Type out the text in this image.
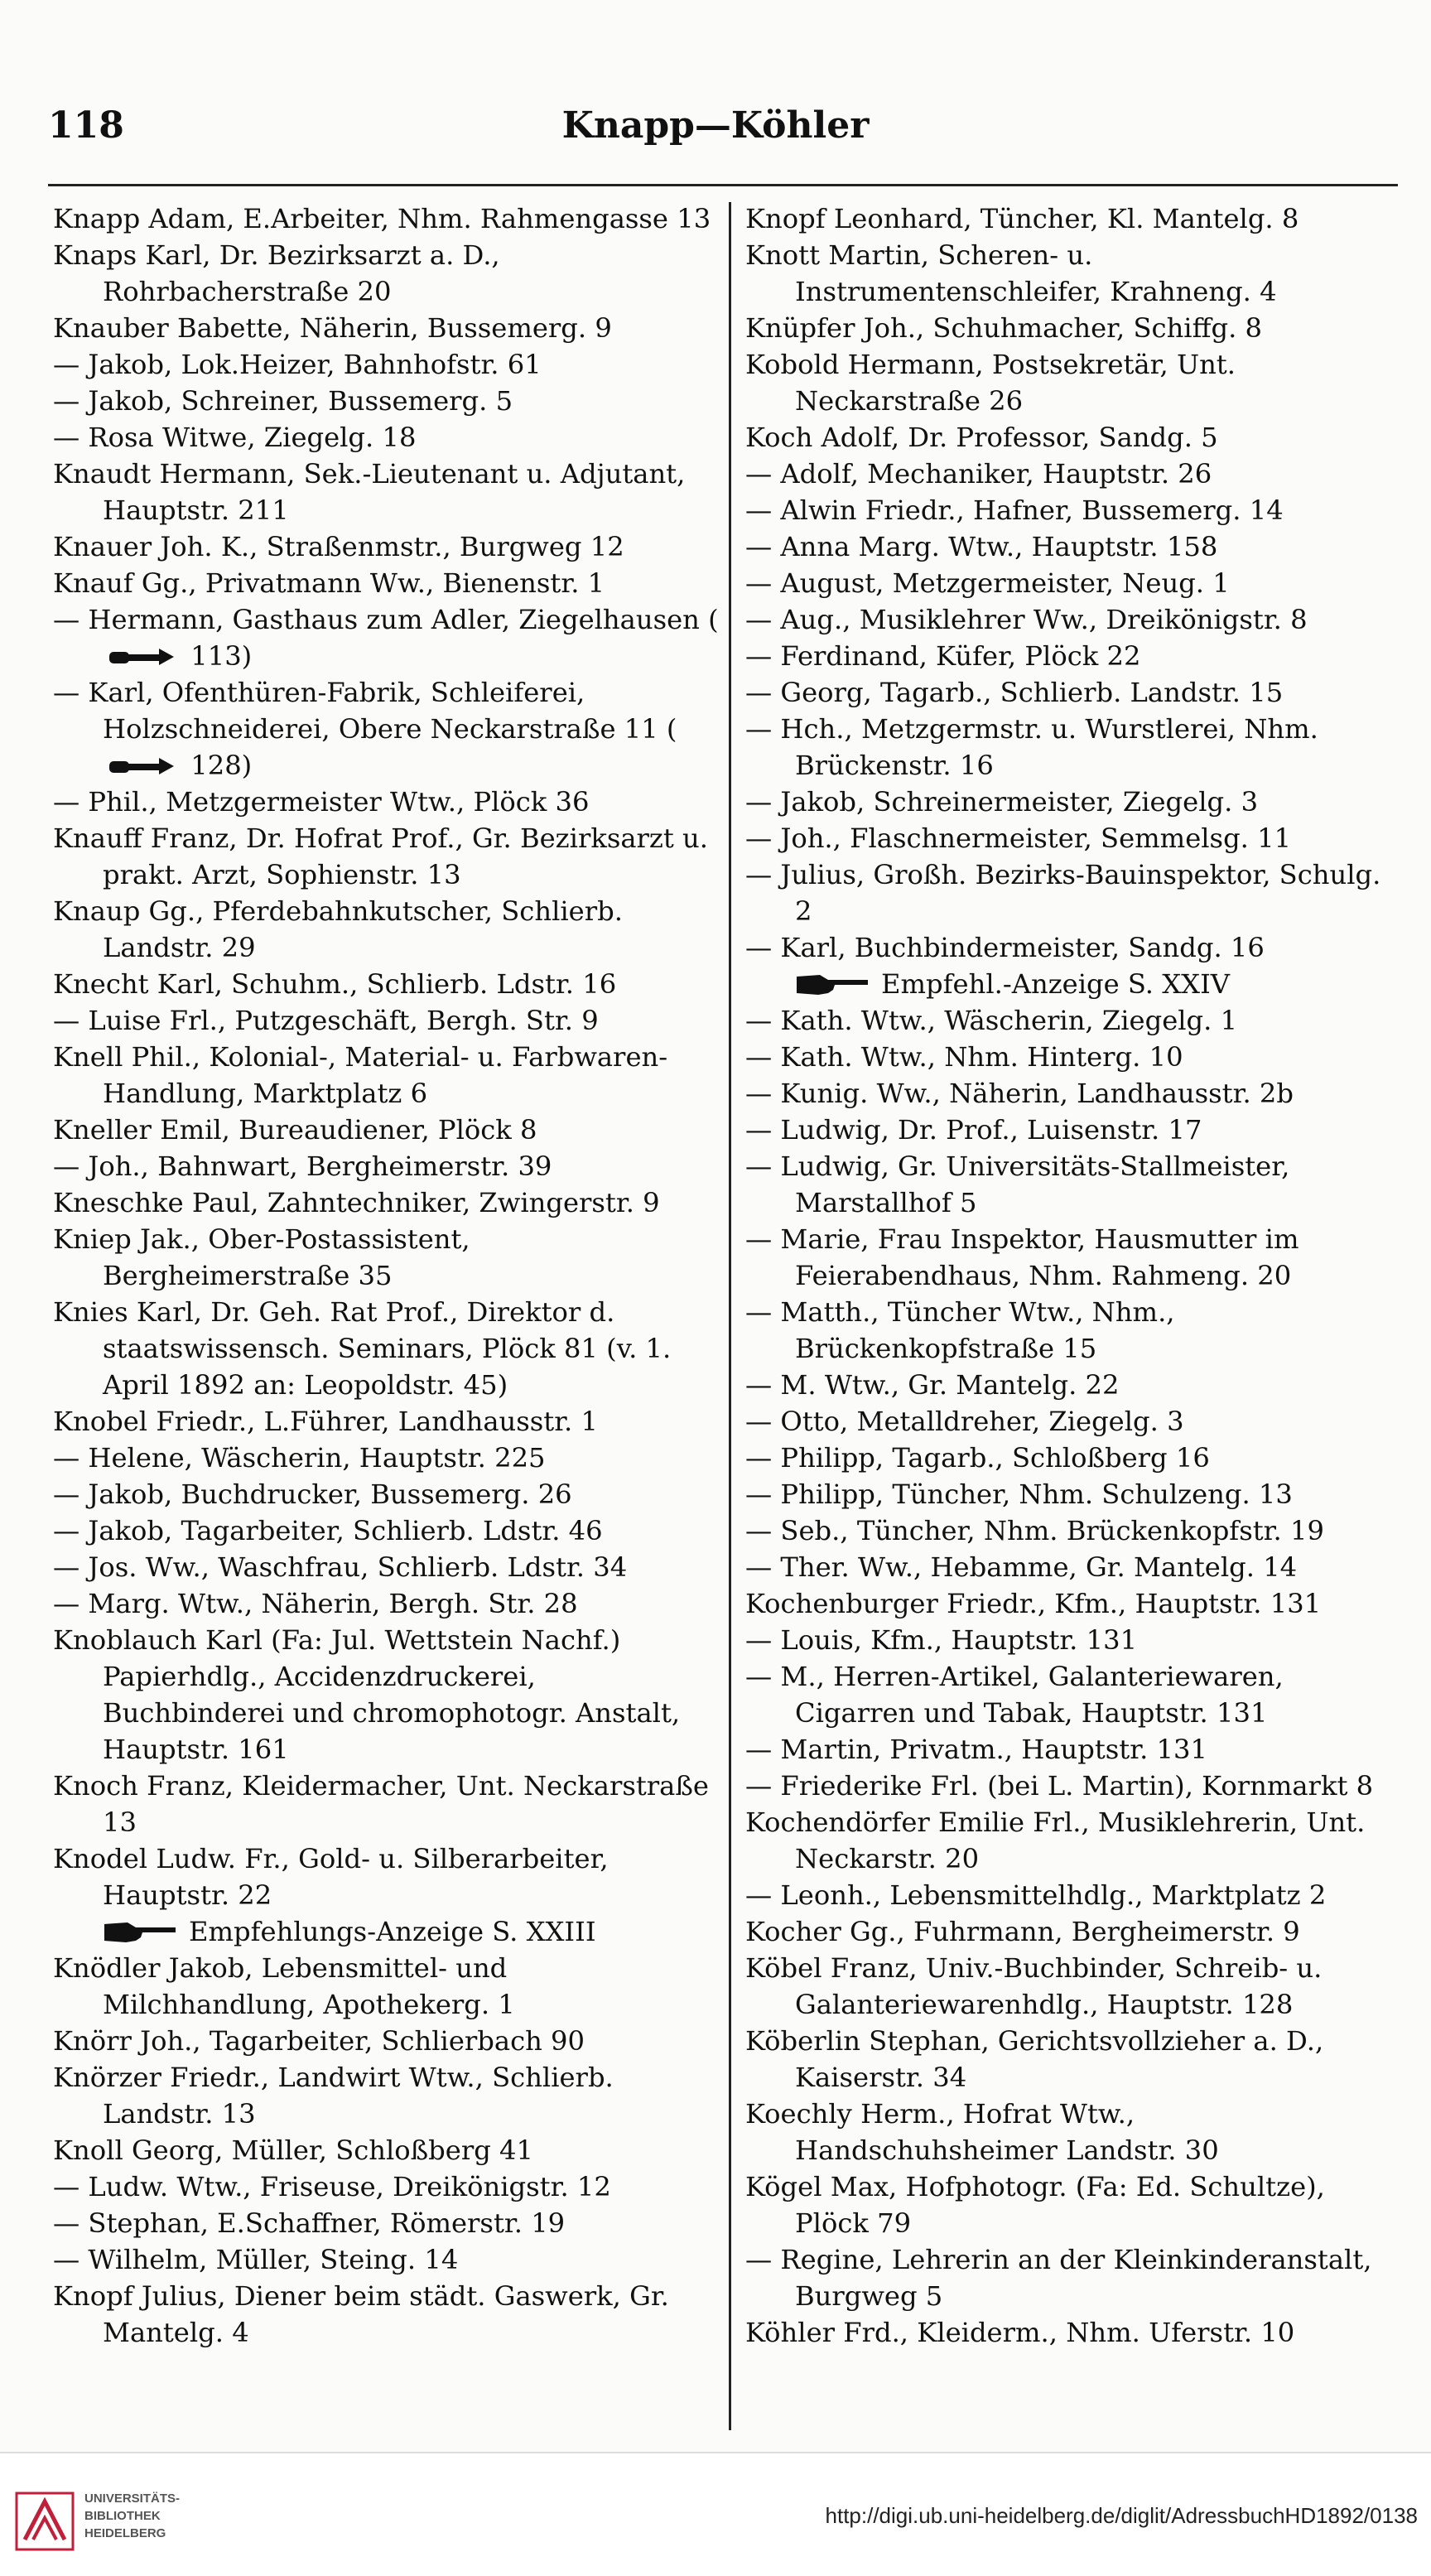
118	Knapp—Köhler

Knapp Adam, E.Arbeiter, Nhm. Rahmengasse 13

Knaps Karl, Dr. Bezirksarzt a. D., Rohrbacherstraße 20

Knauber Babette, Näherin, Bussemerg. 9

— Jakob, Lok.Heizer, Bahnhofstr. 61

— Jakob, Schreiner, Bussemerg. 5

— Rosa Witwe, Ziegelg. 18

Knaudt Hermann, Sek.-Lieutenant u. Adjutant, Hauptstr. 211

Knauer Joh. K., Straßenmstr., Burgweg 12

Knauf Gg., Privatmann Ww., Bienenstr. 1

— Hermann, Gasthaus zum Adler, Ziegelhausen (
113)

— Karl, Ofenthüren-Fabrik, Schleiferei, Holzschneiderei, Obere Neckarstraße 11 (
128)

— Phil., Metzgermeister Wtw., Plöck 36

Knauff Franz, Dr. Hofrat Prof., Gr. Bezirksarzt u. prakt. Arzt, Sophienstr. 13

Knaup Gg., Pferdebahnkutscher, Schlierb. Landstr. 29

Knecht Karl, Schuhm., Schlierb. Ldstr. 16

— Luise Frl., Putzgeschäft, Bergh. Str. 9

Knell Phil., Kolonial-, Material- u. Farbwaren-Handlung, Marktplatz 6

Kneller Emil, Bureaudiener, Plöck 8

— Joh., Bahnwart, Bergheimerstr. 39

Kneschke Paul, Zahntechniker, Zwingerstr. 9

Kniep Jak., Ober-Postassistent, Bergheimerstraße 35

Knies Karl, Dr. Geh. Rat Prof., Direktor d. staatswissensch. Seminars, Plöck 81 (v. 1. April 1892 an: Leopoldstr. 45)

Knobel Friedr., L.Führer, Landhausstr. 1

— Helene, Wäscherin, Hauptstr. 225

— Jakob, Buchdrucker, Bussemerg. 26

— Jakob, Tagarbeiter, Schlierb. Ldstr. 46

— Jos. Ww., Waschfrau, Schlierb. Ldstr. 34

— Marg. Wtw., Näherin, Bergh. Str. 28

Knoblauch Karl (Fa: Jul. Wettstein Nachf.) Papierhdlg., Accidenzdruckerei, Buchbinderei und chromophotogr. Anstalt, Hauptstr. 161

Knoch Franz, Kleidermacher, Unt. Neckarstraße 13

Knodel Ludw. Fr., Gold- u. Silberarbeiter, Hauptstr. 22

Empfehlungs-Anzeige S. XXIII

Knödler Jakob, Lebensmittel- und Milchhandlung, Apothekerg. 1

Knörr Joh., Tagarbeiter, Schlierbach 90

Knörzer Friedr., Landwirt Wtw., Schlierb. Landstr. 13

Knoll Georg, Müller, Schloßberg 41

— Ludw. Wtw., Friseuse, Dreikönigstr. 12

— Stephan, E.Schaffner, Römerstr. 19

— Wilhelm, Müller, Steing. 14

Knopf Julius, Diener beim städt. Gaswerk, Gr. Mantelg. 4

Knopf Leonhard, Tüncher, Kl. Mantelg. 8

Knott Martin, Scheren- u. Instrumentenschleifer, Krahneng. 4

Knüpfer Joh., Schuhmacher, Schiffg. 8

Kobold Hermann, Postsekretär, Unt. Neckarstraße 26

Koch Adolf, Dr. Professor, Sandg. 5

— Adolf, Mechaniker, Hauptstr. 26

— Alwin Friedr., Hafner, Bussemerg. 14

— Anna Marg. Wtw., Hauptstr. 158

— August, Metzgermeister, Neug. 1

— Aug., Musiklehrer Ww., Dreikönigstr. 8

— Ferdinand, Küfer, Plöck 22

— Georg, Tagarb., Schlierb. Landstr. 15

— Hch., Metzgermstr. u. Wurstlerei, Nhm. Brückenstr. 16

— Jakob, Schreinermeister, Ziegelg. 3

— Joh., Flaschnermeister, Semmelsg. 11

— Julius, Großh. Bezirks-Bauinspektor, Schulg. 2

— Karl, Buchbindermeister, Sandg. 16

Empfehl.-Anzeige S. XXIV

— Kath. Wtw., Wäscherin, Ziegelg. 1

— Kath. Wtw., Nhm. Hinterg. 10

— Kunig. Ww., Näherin, Landhausstr. 2b

— Ludwig, Dr. Prof., Luisenstr. 17

— Ludwig, Gr. Universitäts-Stallmeister, Marstallhof 5

— Marie, Frau Inspektor, Hausmutter im Feierabendhaus, Nhm. Rahmeng. 20

— Matth., Tüncher Wtw., Nhm., Brückenkopfstraße 15

— M. Wtw., Gr. Mantelg. 22

— Otto, Metalldreher, Ziegelg. 3

— Philipp, Tagarb., Schloßberg 16

— Philipp, Tüncher, Nhm. Schulzeng. 13

— Seb., Tüncher, Nhm. Brückenkopfstr. 19

— Ther. Ww., Hebamme, Gr. Mantelg. 14

Kochenburger Friedr., Kfm., Hauptstr. 131

— Louis, Kfm., Hauptstr. 131

— M., Herren-Artikel, Galanteriewaren, Cigarren und Tabak, Hauptstr. 131

— Martin, Privatm., Hauptstr. 131

— Friederike Frl. (bei L. Martin), Kornmarkt 8

Kochendörfer Emilie Frl., Musiklehrerin, Unt. Neckarstr. 20

— Leonh., Lebensmittelhdlg., Marktplatz 2

Kocher Gg., Fuhrmann, Bergheimerstr. 9

Köbel Franz, Univ.-Buchbinder, Schreib- u. Galanteriewarenhdlg., Hauptstr. 128

Köberlin Stephan, Gerichtsvollzieher a. D., Kaiserstr. 34

Koechly Herm., Hofrat Wtw., Handschuhsheimer Landstr. 30

Kögel Max, Hofphotogr. (Fa: Ed. Schultze), Plöck 79

— Regine, Lehrerin an der Kleinkinderanstalt, Burgweg 5

Köhler Frd., Kleiderm., Nhm. Uferstr. 10

UNIVERSITÄTS-
BIBLIOTHEK
HEIDELBERG
http://digi.ub.uni-heidelberg.de/diglit/AdressbuchHD1892/0138
